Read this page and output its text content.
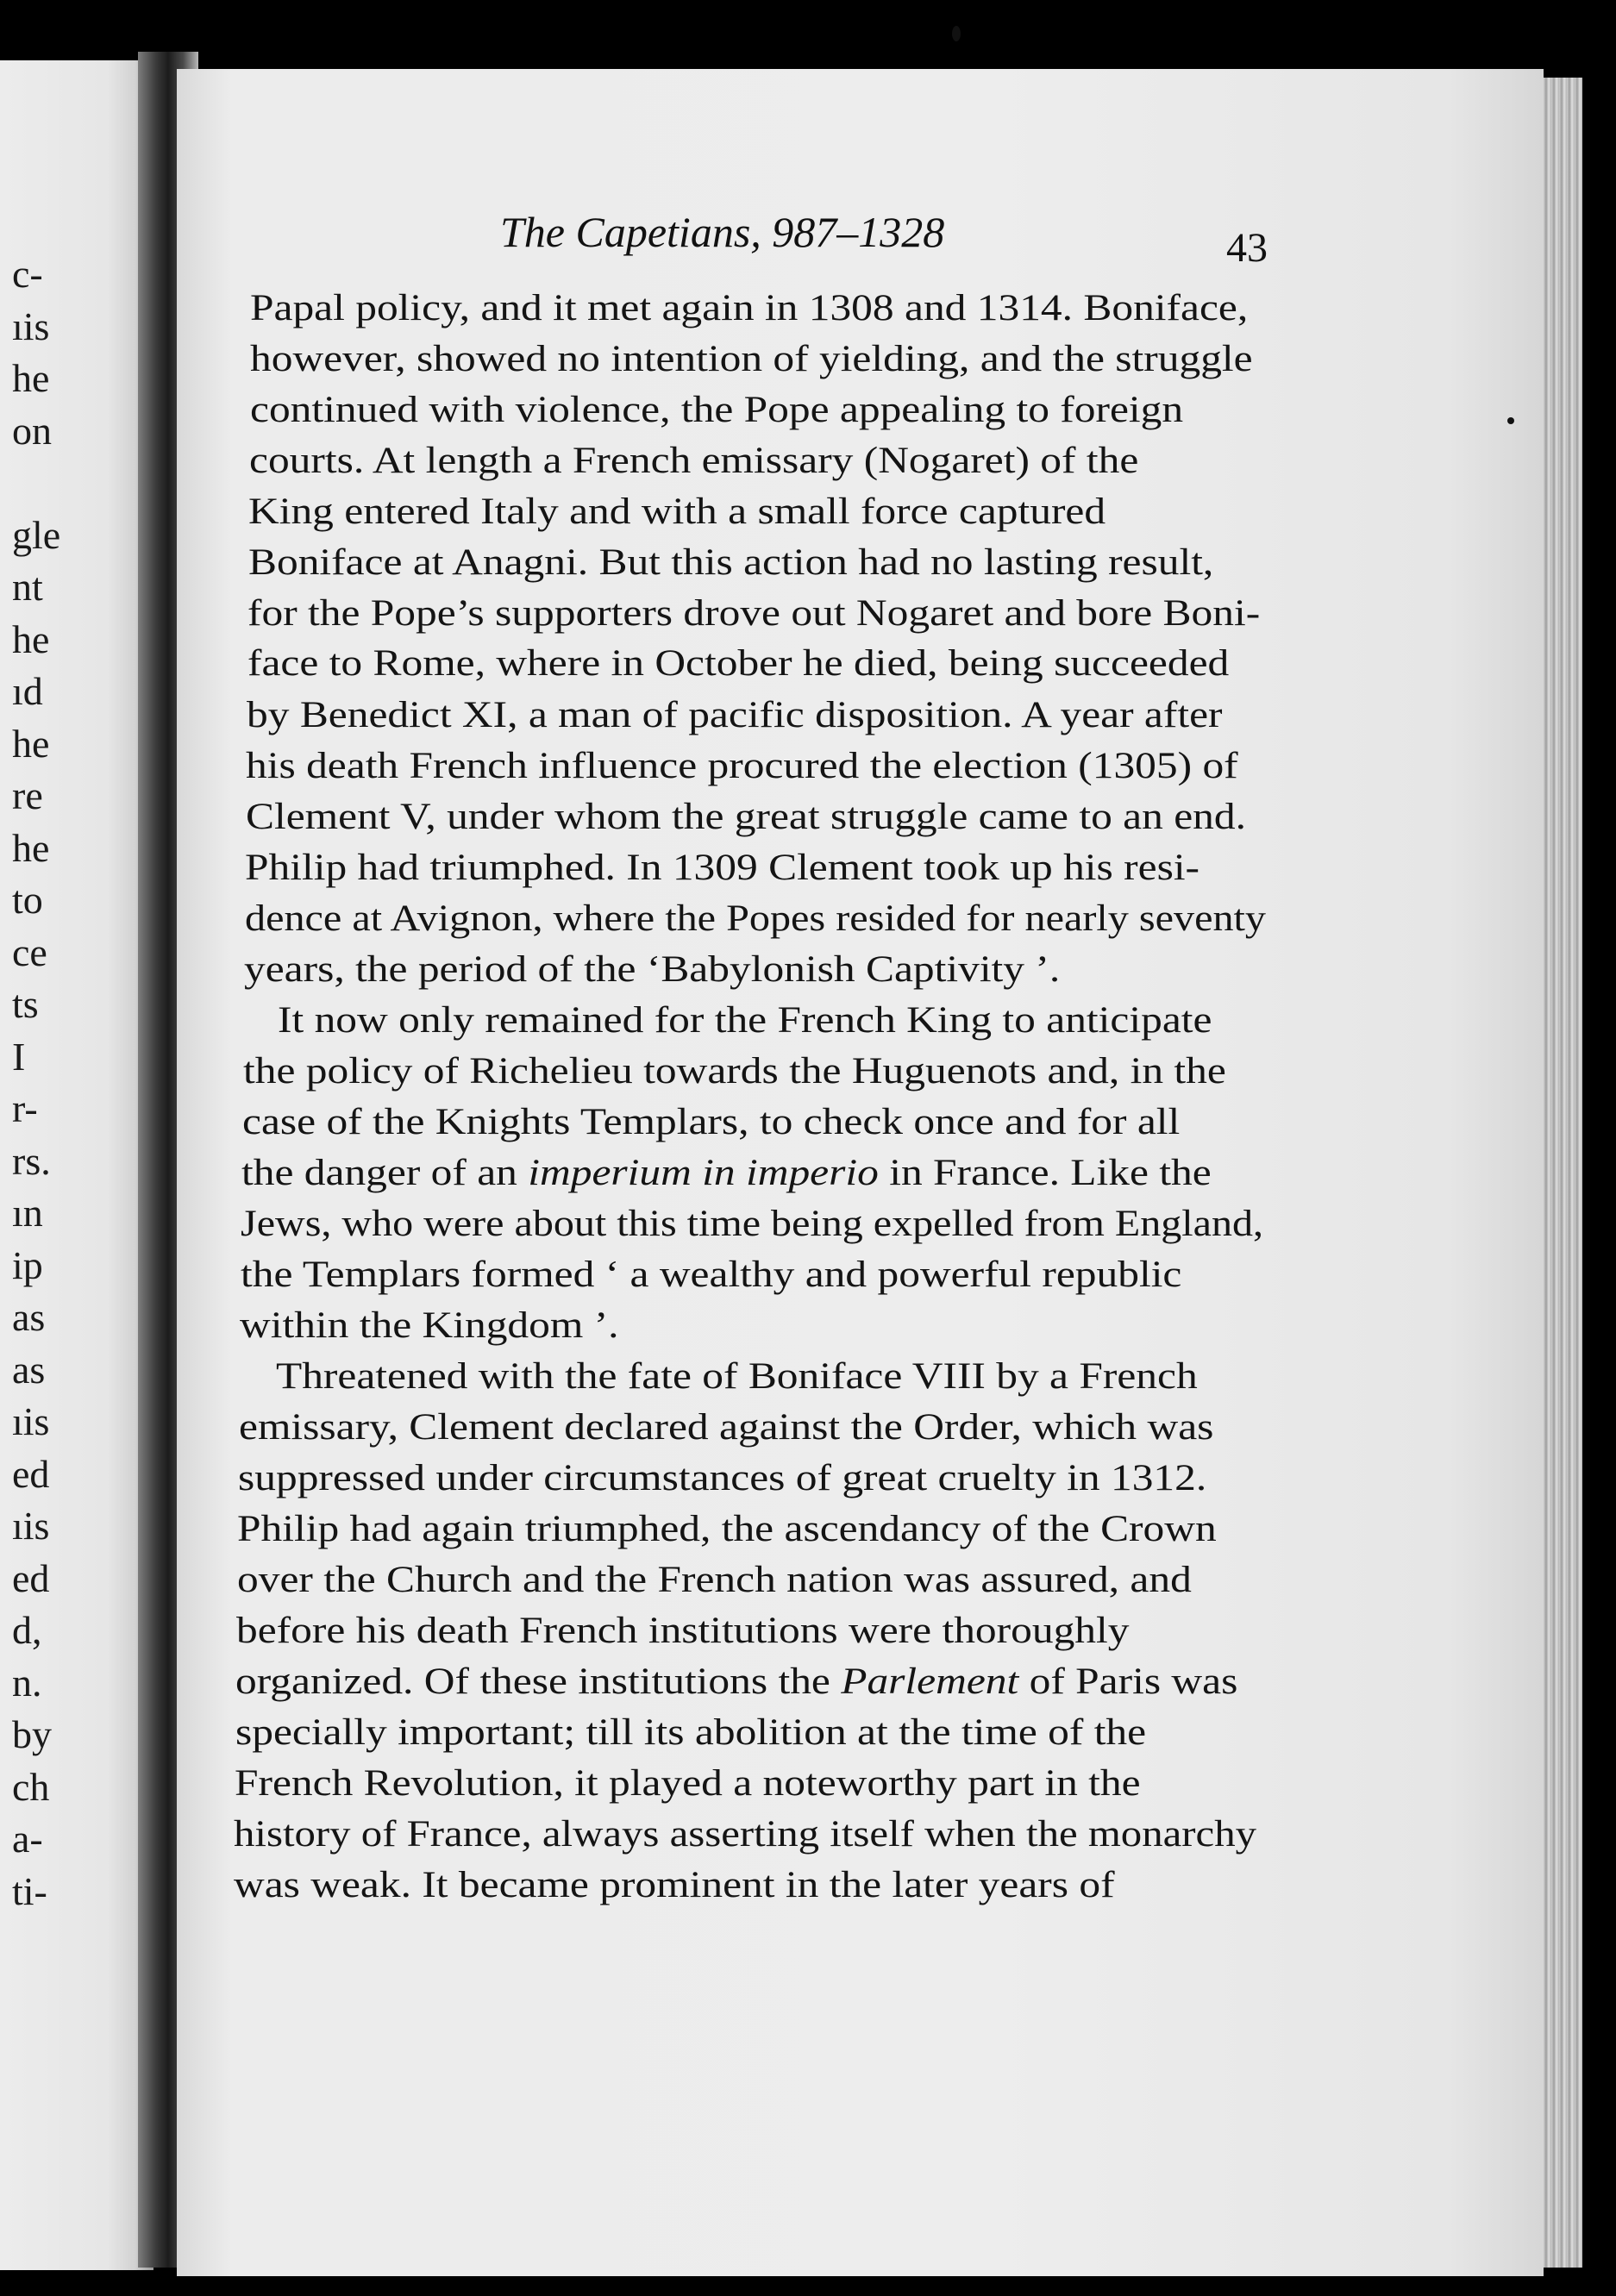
c-
ıis
he
on
gle
nt
he
ıd
he
re
he
to
ce
ts
I
r-
rs.
ın
ip
as
as
ıis
ed
ıis
ed
d,
n.
by
ch
a-
ti-
The Capetians, 987–1328	43
Papal policy, and it met again in 1308 and 1314. Boniface,
however, showed no intention of yielding, and the struggle
continued with violence, the Pope appealing to foreign
courts. At length a French emissary (Nogaret) of the
King entered Italy and with a small force captured
Boniface at Anagni. But this action had no lasting result,
for the Pope’s supporters drove out Nogaret and bore Boni-
face to Rome, where in October he died, being succeeded
by Benedict XI, a man of pacific disposition. A year after
his death French influence procured the election (1305) of
Clement V, under whom the great struggle came to an end.
Philip had triumphed. In 1309 Clement took up his resi-
dence at Avignon, where the Popes resided for nearly seventy
years, the period of the ‘Babylonish Captivity ’.
It now only remained for the French King to anticipate
the policy of Richelieu towards the Huguenots and, in the
case of the Knights Templars, to check once and for all
the danger of an imperium in imperio in France. Like the
Jews, who were about this time being expelled from England,
the Templars formed ‘ a wealthy and powerful republic
within the Kingdom ’.
Threatened with the fate of Boniface VIII by a French
emissary, Clement declared against the Order, which was
suppressed under circumstances of great cruelty in 1312.
Philip had again triumphed, the ascendancy of the Crown
over the Church and the French nation was assured, and
before his death French institutions were thoroughly
organized. Of these institutions the Parlement of Paris was
specially important; till its abolition at the time of the
French Revolution, it played a noteworthy part in the
history of France, always asserting itself when the monarchy
was weak. It became prominent in the later years of
